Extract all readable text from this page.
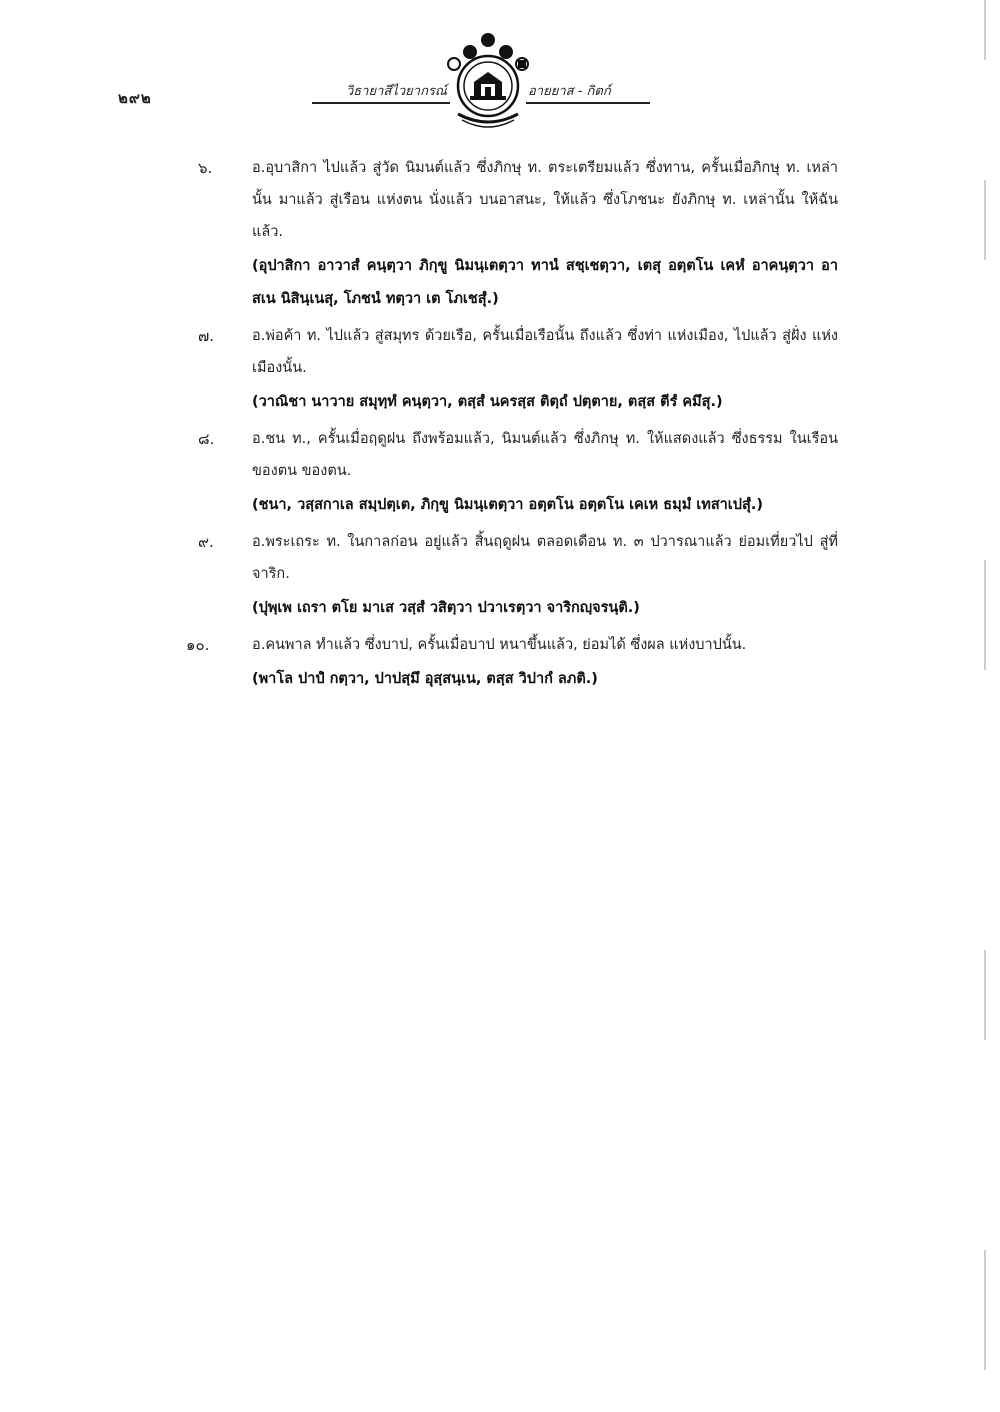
๒๙๒	วิธายาสีไวยากรณ์	อายยาส - กิตก์
๖.	อ.อุบาสิกา ไปแล้ว สู่วัด นิมนต์แล้ว ซึ่งภิกษุ ท. ตระเตรียมแล้ว ซึ่งทาน, ครั้นเมื่อภิกษุ ท. เหล่านั้น มาแล้ว สู่เรือน แห่งตน นั่งแล้ว บนอาสนะ, ให้แล้ว ซึ่งโภชนะ ยังภิกษุ ท. เหล่านั้น ให้ฉันแล้ว.
(อุปาสิกา อาวาสํ คนฺตฺวา ภิกฺขู นิมนฺเตตฺวา ทานํ สชฺเชตฺวา, เตสุ อตฺตโน เคหํ อาคนฺตฺวา อาสเน นิสินฺเนสุ, โภชนํ ทตฺวา เต โภเชสุํ.)
๗.	อ.พ่อค้า ท. ไปแล้ว สู่สมุทร ด้วยเรือ, ครั้นเมื่อเรือนั้น ถึงแล้ว ซึ่งท่า แห่งเมือง, ไปแล้ว สู่ฝั่ง แห่งเมืองนั้น.
(วาณิชา นาวาย สมุทฺทํ คนฺตฺวา, ตสฺสํ นครสฺส ติตฺถํ ปตฺตาย, ตสฺส ตีรํ คมึสุ.)
๘.	อ.ชน ท., ครั้นเมื่อฤดูฝน ถึงพร้อมแล้ว, นิมนต์แล้ว ซึ่งภิกษุ ท. ให้แสดงแล้ว ซึ่งธรรม ในเรือน ของตน ของตน.
(ชนา, วสฺสกาเล สมฺปตฺเต, ภิกฺขู นิมนฺเตตฺวา อตฺตโน อตฺตโน เคเห ธมฺมํ เทสาเปสุํ.)
๙.	อ.พระเถระ ท. ในกาลก่อน อยู่แล้ว สิ้นฤดูฝน ตลอดเดือน ท. ๓ ปวารณาแล้ว ย่อมเที่ยวไป สู่ที่จาริก.
(ปุพฺเพ เถรา ตโย มาเส วสฺสํ วสิตฺวา ปวาเรตฺวา จาริกญฺจรนฺติ.)
๑๐.	อ.คนพาล ทำแล้ว ซึ่งบาป, ครั้นเมื่อบาป หนาขึ้นแล้ว, ย่อมได้ ซึ่งผล แห่งบาปนั้น.
(พาโล ปาปํ กตฺวา, ปาปสฺมึ อุสฺสนฺเน, ตสฺส วิปากํ ลภติ.)
